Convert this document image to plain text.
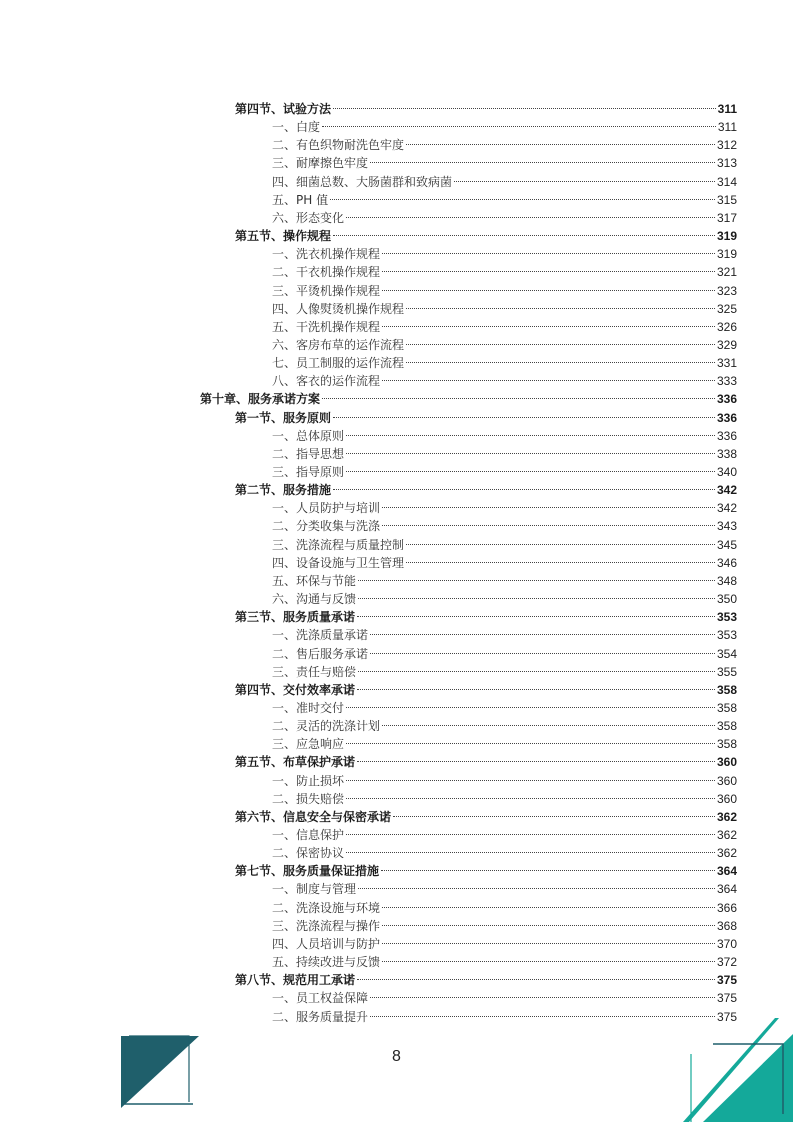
第四节、试验方法	311
一、白度	311
二、有色织物耐洗色牢度	312
三、耐摩擦色牢度	313
四、细菌总数、大肠菌群和致病菌	314
五、PH 值	315
六、形态变化	317
第五节、操作规程	319
一、洗衣机操作规程	319
二、干衣机操作规程	321
三、平烫机操作规程	323
四、人像熨烫机操作规程	325
五、干洗机操作规程	326
六、客房布草的运作流程	329
七、员工制服的运作流程	331
八、客衣的运作流程	333
第十章、服务承诺方案	336
第一节、服务原则	336
一、总体原则	336
二、指导思想	338
三、指导原则	340
第二节、服务措施	342
一、人员防护与培训	342
二、分类收集与洗涤	343
三、洗涤流程与质量控制	345
四、设备设施与卫生管理	346
五、环保与节能	348
六、沟通与反馈	350
第三节、服务质量承诺	353
一、洗涤质量承诺	353
二、售后服务承诺	354
三、责任与赔偿	355
第四节、交付效率承诺	358
一、准时交付	358
二、灵活的洗涤计划	358
三、应急响应	358
第五节、布草保护承诺	360
一、防止损坏	360
二、损失赔偿	360
第六节、信息安全与保密承诺	362
一、信息保护	362
二、保密协议	362
第七节、服务质量保证措施	364
一、制度与管理	364
二、洗涤设施与环境	366
三、洗涤流程与操作	368
四、人员培训与防护	370
五、持续改进与反馈	372
第八节、规范用工承诺	375
一、员工权益保障	375
二、服务质量提升	375
8
